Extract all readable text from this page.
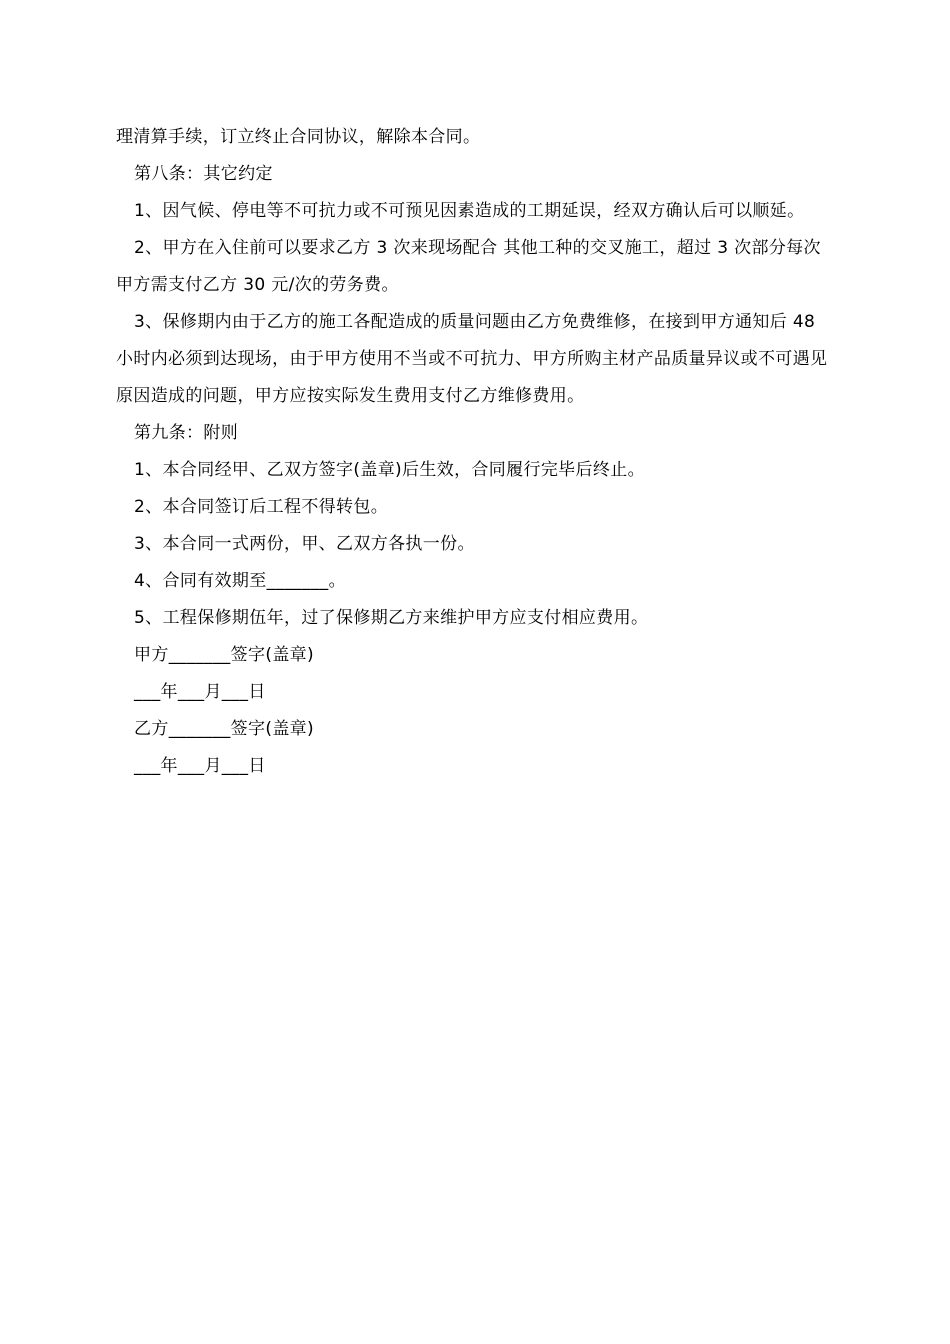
理清算手续，订立终止合同协议，解除本合同。

第八条：其它约定

1、因气候、停电等不可抗力或不可预见因素造成的工期延误，经双方确认后可以顺延。

2、甲方在入住前可以要求乙方 3 次来现场配合 其他工种的交叉施工，超过 3 次部分每次甲方需支付乙方 30 元/次的劳务费。

3、保修期内由于乙方的施工各配造成的质量问题由乙方免费维修，在接到甲方通知后 48 小时内必须到达现场，由于甲方使用不当或不可抗力、甲方所购主材产品质量异议或不可遇见原因造成的问题，甲方应按实际发生费用支付乙方维修费用。

第九条：附则

1、本合同经甲、乙双方签字(盖章)后生效，合同履行完毕后终止。

2、本合同签订后工程不得转包。

3、本合同一式两份，甲、乙双方各执一份。

4、合同有效期至_______。

5、工程保修期伍年，过了保修期乙方来维护甲方应支付相应费用。

甲方_______签字(盖章)

___年___月___日

乙方_______签字(盖章)

___年___月___日
